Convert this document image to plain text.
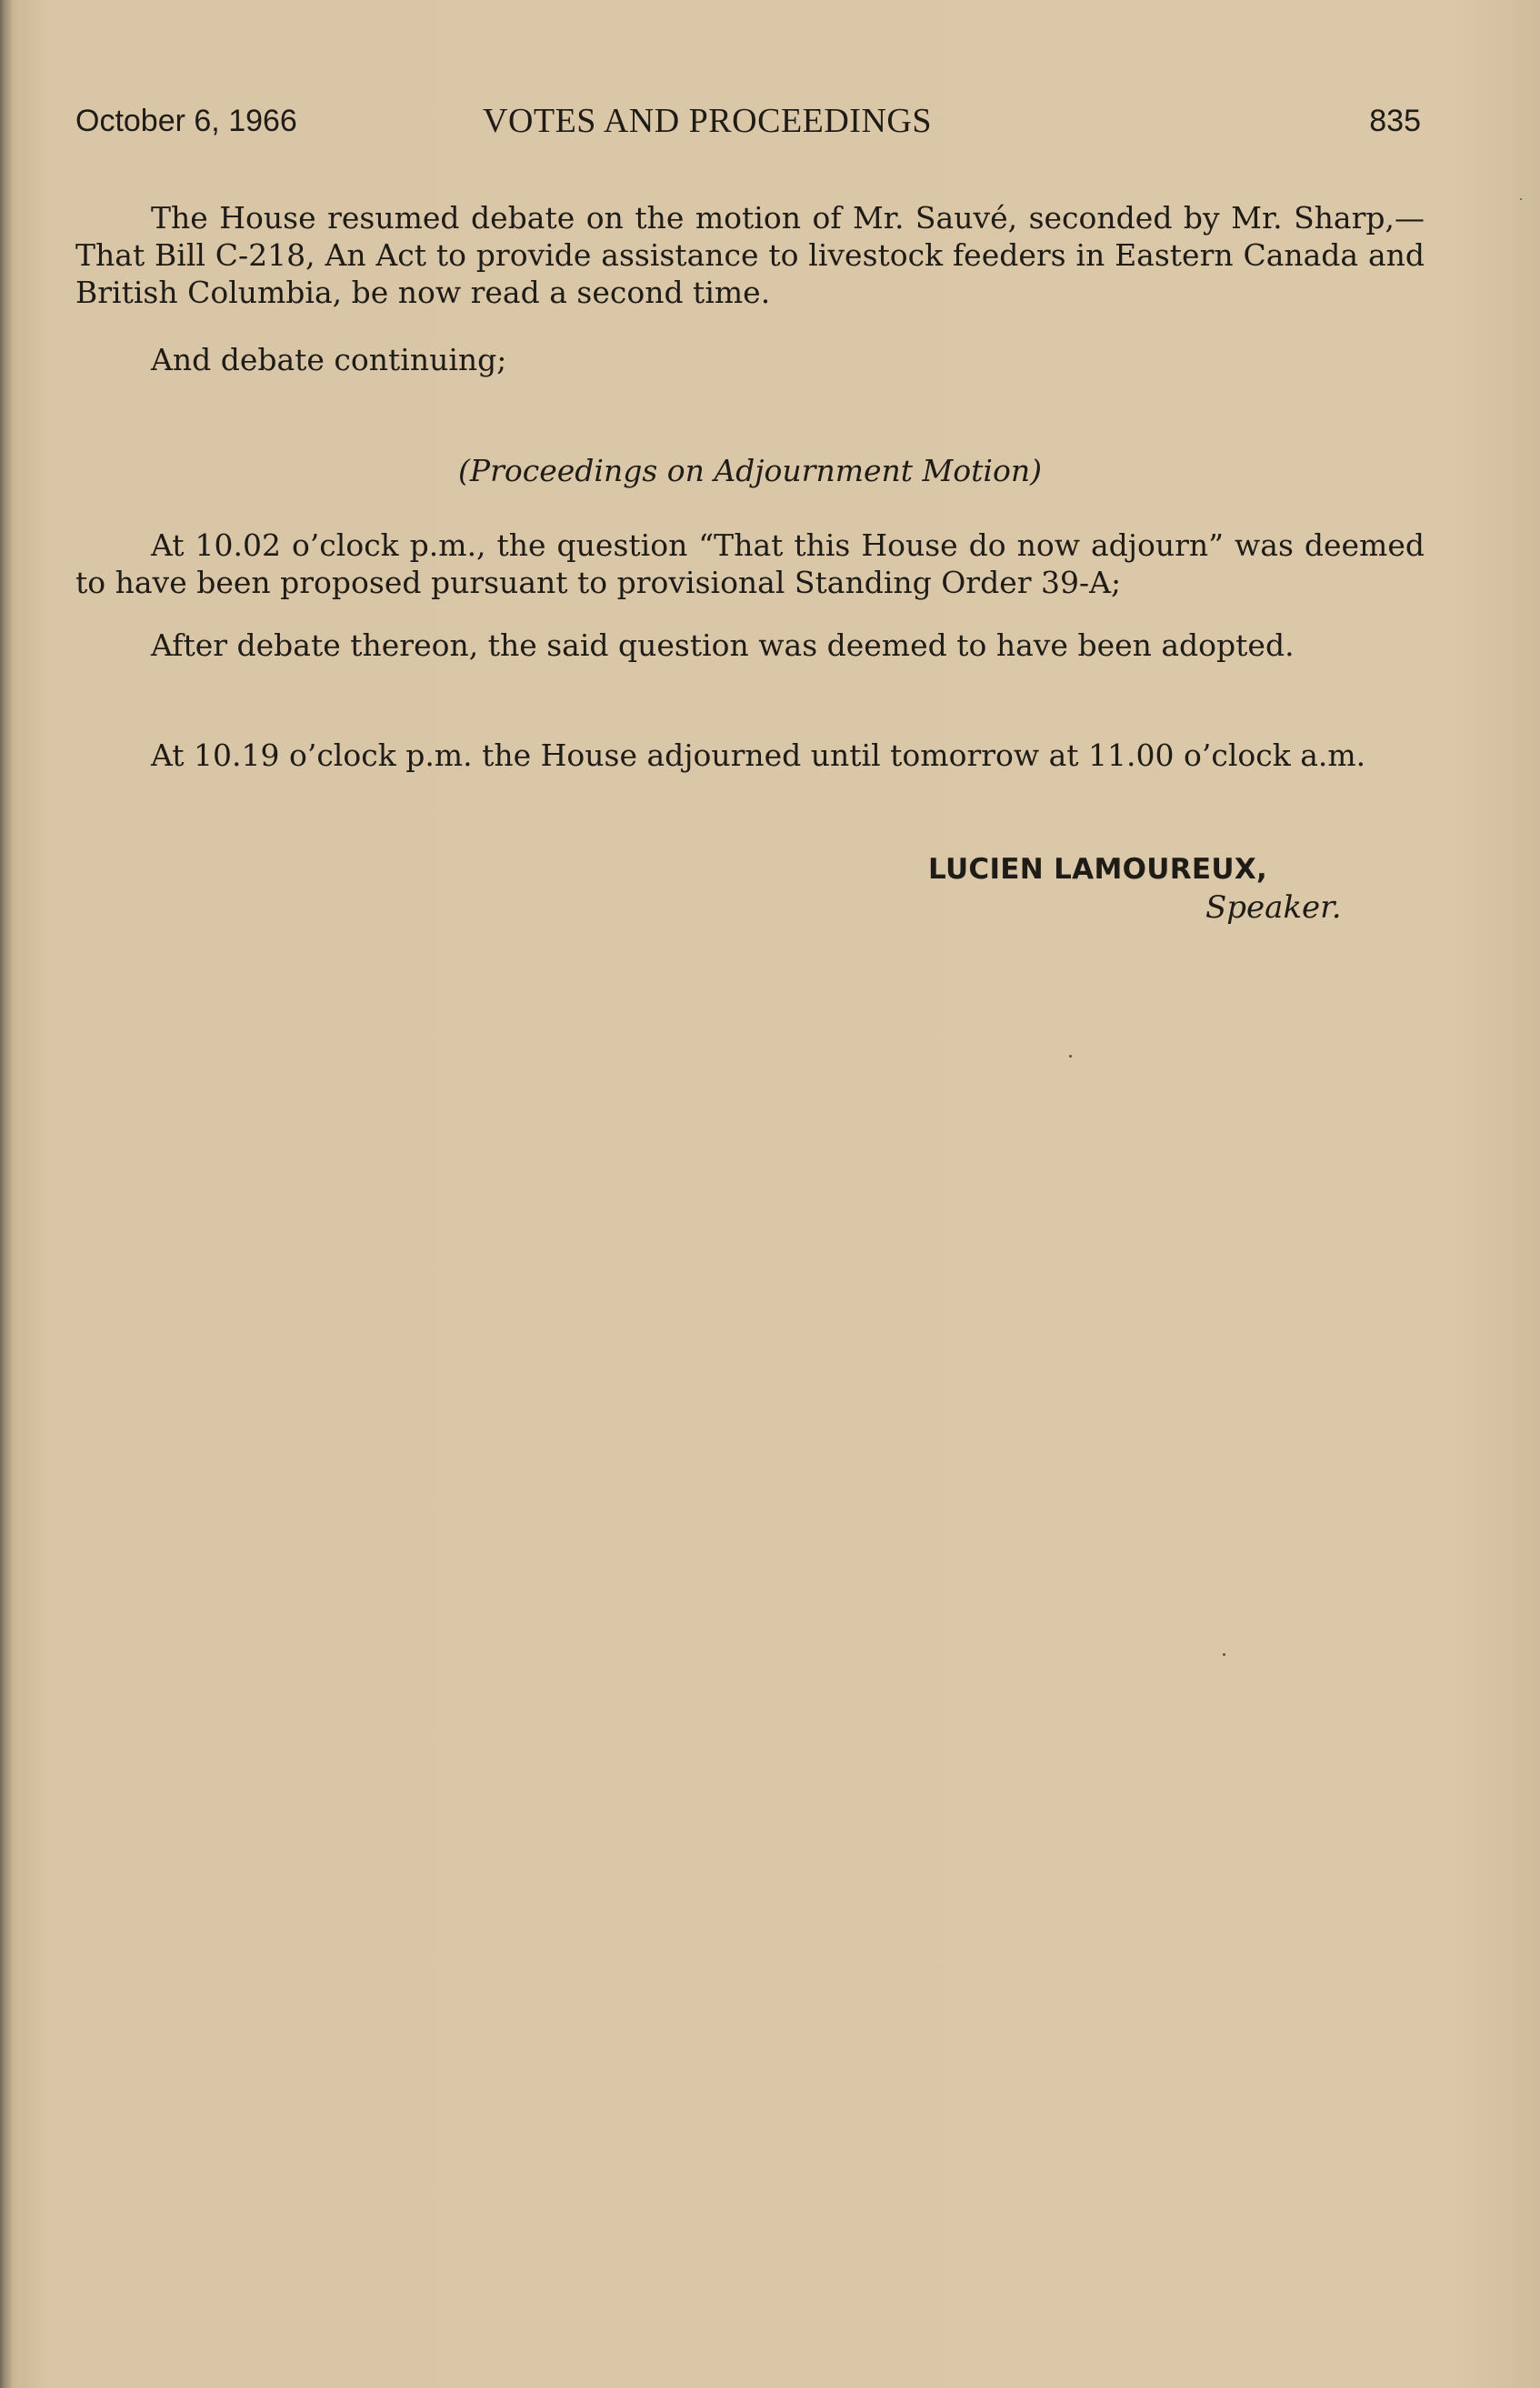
October 6, 1966	VOTES AND PROCEEDINGS	835

The House resumed debate on the motion of Mr. Sauvé, seconded by Mr. Sharp,—That Bill C-218, An Act to provide assistance to livestock feeders in Eastern Canada and British Columbia, be now read a second time.

And debate continuing;

(Proceedings on Adjournment Motion)

At 10.02 o’clock p.m., the question “That this House do now adjourn” was deemed to have been proposed pursuant to provisional Standing Order 39-A;

After debate thereon, the said question was deemed to have been adopted.

At 10.19 o’clock p.m. the House adjourned until tomorrow at 11.00 o’clock a.m.

LUCIEN LAMOUREUX,
Speaker.
